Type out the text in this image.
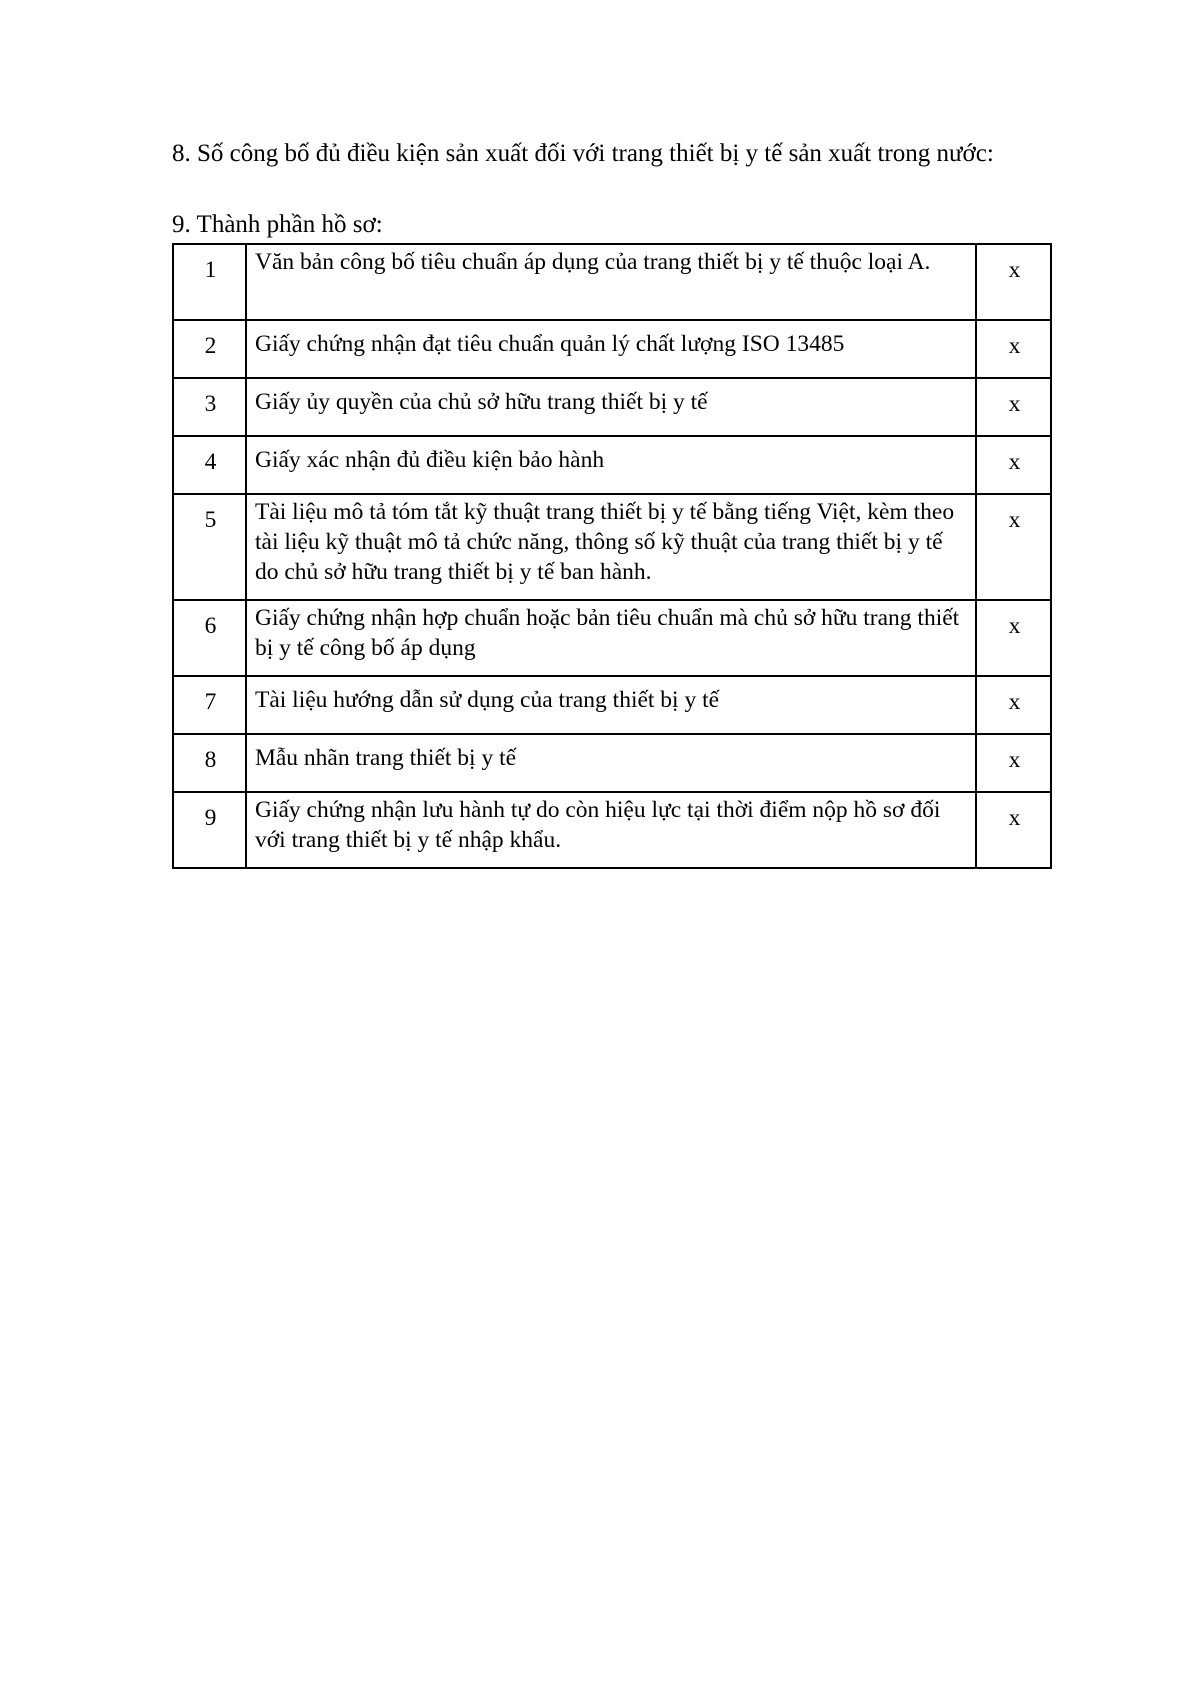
8. Số công bố đủ điều kiện sản xuất đối với trang thiết bị y tế sản xuất trong nước:

9. Thành phần hồ sơ:

1	Văn bản công bố tiêu chuẩn áp dụng của trang thiết bị y tế thuộc loại A.	x
2	Giấy chứng nhận đạt tiêu chuẩn quản lý chất lượng ISO 13485	x
3	Giấy ủy quyền của chủ sở hữu trang thiết bị y tế	x
4	Giấy xác nhận đủ điều kiện bảo hành	x
5	Tài liệu mô tả tóm tắt kỹ thuật trang thiết bị y tế bằng tiếng Việt, kèm theo tài liệu kỹ thuật mô tả chức năng, thông số kỹ thuật của trang thiết bị y tế do chủ sở hữu trang thiết bị y tế ban hành.	x
6	Giấy chứng nhận hợp chuẩn hoặc bản tiêu chuẩn mà chủ sở hữu trang thiết bị y tế công bố áp dụng	x
7	Tài liệu hướng dẫn sử dụng của trang thiết bị y tế	x
8	Mẫu nhãn trang thiết bị y tế	x
9	Giấy chứng nhận lưu hành tự do còn hiệu lực tại thời điểm nộp hồ sơ đối với trang thiết bị y tế nhập khẩu.	x
